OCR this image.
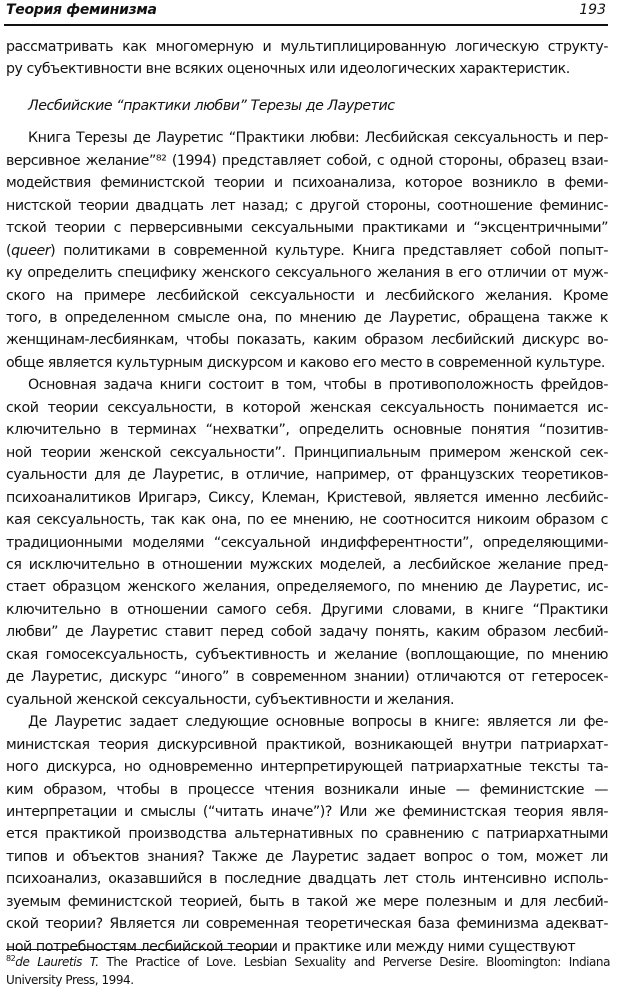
Теория феминизма	193
рассматривать как многомерную и мультиплицированную логическую структу-
ру субъективности вне всяких оценочных или идеологических характеристик.
Лесбийские “практики любви” Терезы де Лауретис
Книга Терезы де Лауретис “Практики любви: Лесбийская сексуальность и пер-
версивное желание”⁸² (1994) представляет собой, с одной стороны, образец взаи-
модействия феминистской теории и психоанализа, которое возникло в феми-
нистской теории двадцать лет назад; с другой стороны, соотношение феминис-
тской теории с перверсивными сексуальными практиками и “эксцентричными”
(queer) политиками в современной культуре. Книга представляет собой попыт-
ку определить специфику женского сексуального желания в его отличии от муж-
ского на примере лесбийской сексуальности и лесбийского желания. Кроме
того, в определенном смысле она, по мнению де Лауретис, обращена также к
женщинам-лесбиянкам, чтобы показать, каким образом лесбийский дискурс во-
обще является культурным дискурсом и каково его место в современной культуре.
Основная задача книги состоит в том, чтобы в противоположность фрейдов-
ской теории сексуальности, в которой женская сексуальность понимается ис-
ключительно в терминах “нехватки”, определить основные понятия “позитив-
ной теории женской сексуальности”. Принципиальным примером женской сек-
суальности для де Лауретис, в отличие, например, от французских теоретиков-
психоаналитиков Иригарэ, Сиксу, Клеман, Кристевой, является именно лесбийс-
кая сексуальность, так как она, по ее мнению, не соотносится никоим образом с
традиционными моделями “сексуальной индифферентности”, определяющими-
ся исключительно в отношении мужских моделей, а лесбийское желание пред-
стает образцом женского желания, определяемого, по мнению де Лауретис, ис-
ключительно в отношении самого себя. Другими словами, в книге “Практики
любви” де Лауретис ставит перед собой задачу понять, каким образом лесбий-
ская гомосексуальность, субъективность и желание (воплощающие, по мнению
де Лауретис, дискурс “иного” в современном знании) отличаются от гетеросек-
суальной женской сексуальности, субъективности и желания.
Де Лауретис задает следующие основные вопросы в книге: является ли фе-
министская теория дискурсивной практикой, возникающей внутри патриархат-
ного дискурса, но одновременно интерпретирующей патриархатные тексты та-
ким образом, чтобы в процессе чтения возникали иные — феминистские —
интерпретации и смыслы (“читать иначе”)? Или же феминистская теория явля-
ется практикой производства альтернативных по сравнению с патриархатными
типов и объектов знания? Также де Лауретис задает вопрос о том, может ли
психоанализ, оказавшийся в последние двадцать лет столь интенсивно исполь-
зуемым феминистской теорией, быть в такой же мере полезным и для лесбий-
ской теории? Является ли современная теоретическая база феминизма адекват-
ной потребностям лесбийской теории и практике или между ними существуют
$^{82}$de Lauretis T. The Practice of Love. Lesbian Sexuality and Perverse Desire. Bloomington: Indiana
University Press, 1994.
